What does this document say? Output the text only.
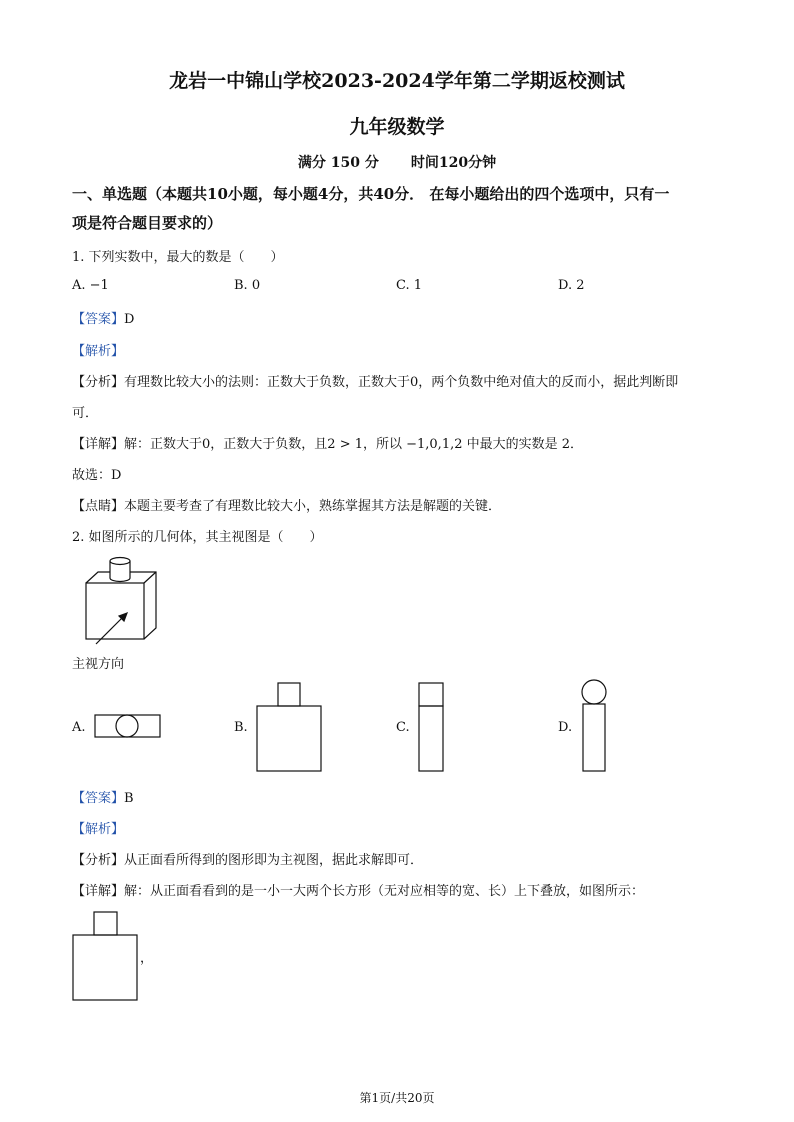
龙岩一中锦山学校2023-2024学年第二学期返校测试
九年级数学
满分 150 分 时间120分钟
一、单选题（本题共10小题，每小题4分，共40分． 在每小题给出的四个选项中，只有一
项是符合题目要求的）
1. 下列实数中，最大的数是（　　）
A. −1	B. 0	C. 1	D. 2
【答案】D
【解析】
【分析】有理数比较大小的法则：正数大于负数，正数大于0，两个负数中绝对值大的反而小，据此判断即
可．
【详解】解：正数大于0，正数大于负数，且2 > 1，所以 −1,0,1,2 中最大的实数是 2．
故选：D
【点睛】本题主要考查了有理数比较大小，熟练掌握其方法是解题的关键．
2. 如图所示的几何体，其主视图是（　　）
主视方向
A.	B.	C.	D.
【答案】B
【解析】
【分析】从正面看所得到的图形即为主视图，据此求解即可．
【详解】解：从正面看看到的是一小一大两个长方形（无对应相等的宽、长）上下叠放，如图所示：
，
第1页/共20页
